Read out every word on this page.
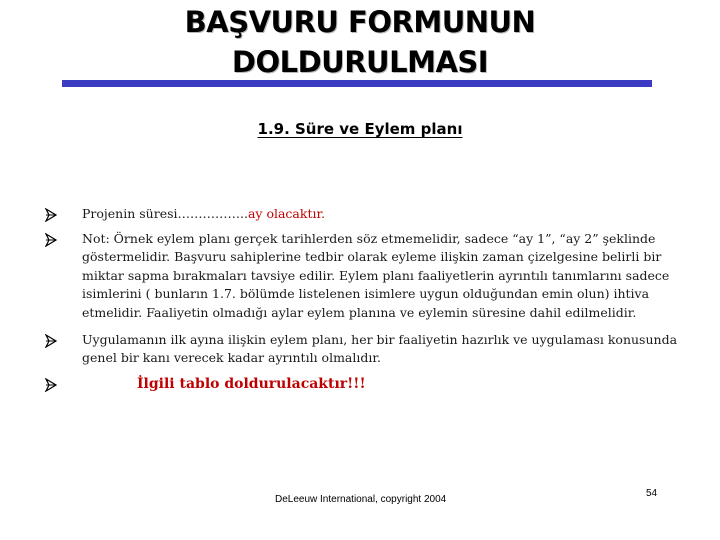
BAŞVURU FORMUNUN
DOLDURULMASI
1.9. Süre ve Eylem planı
Projenin süresi……………..ay olacaktır.
Not: Örnek eylem planı gerçek tarihlerden söz etmemelidir, sadece “ay 1”, “ay 2” şeklinde göstermelidir. Başvuru sahiplerine tedbir olarak eyleme ilişkin zaman çizelgesine belirli bir miktar sapma bırakmaları tavsiye edilir. Eylem planı faaliyetlerin ayrıntılı tanımlarını sadece isimlerini ( bunların 1.7. bölümde listelenen isimlere uygun olduğundan emin olun) ihtiva etmelidir. Faaliyetin olmadığı aylar eylem planına ve eylemin süresine dahil edilmelidir.
Uygulamanın ilk ayına ilişkin eylem planı, her bir faaliyetin hazırlık ve uygulaması konusunda genel bir kanı verecek kadar ayrıntılı olmalıdır.
İlgili tablo doldurulacaktır!!!
DeLeeuw International, copyright 2004
54
